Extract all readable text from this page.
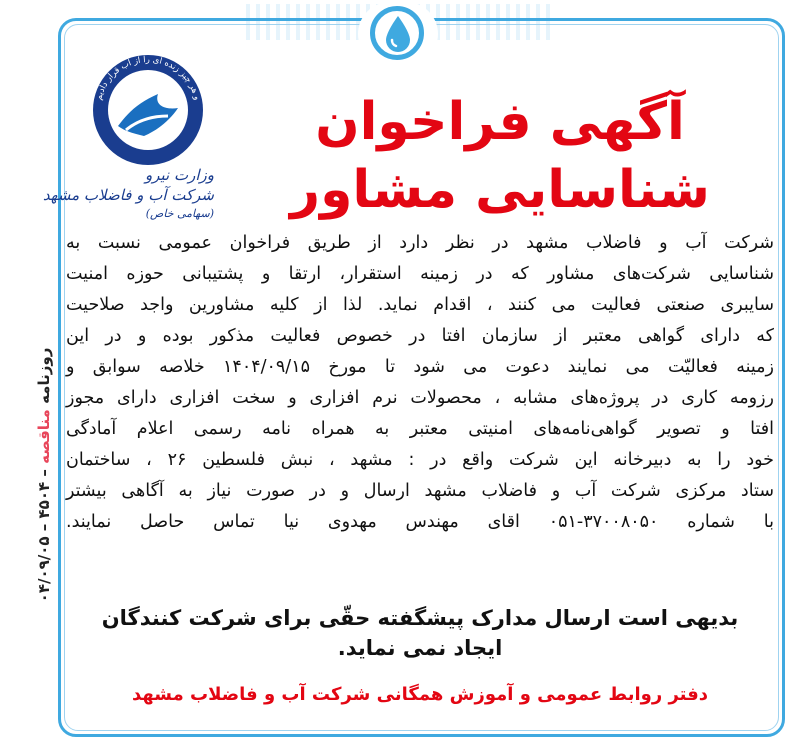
روزنامه مناقصه – ۴۵۰۴ – ۰۴/۰۹/۰۵
و هر چیز زنده ای را از آب قرار دادیم
وزارت نیرو
شرکت آب و فاضلاب مشهد
(سهامی خاص)
آگهی فراخوان
شناسایی مشاور
شرکت آب و فاضلاب مشهد در نظر دارد از طریق فراخوان عمومی نسبت به
شناسایی شرکت‌های مشاور که در زمینه استقرار، ارتقا و پشتیبانی حوزه امنیت
سایبری صنعتی فعالیت می کنند ، اقدام نماید. لذا از کلیه مشاورین واجد صلاحیت
که دارای گواهی معتبر از سازمان افتا در خصوص فعالیت مذکور بوده و در این
زمینه فعالیّت می نمایند دعوت می شود تا مورخ ۱۴۰۴/۰۹/۱۵ خلاصه سوابق و
رزومه کاری در پروژه‌های مشابه ، محصولات نرم افزاری و سخت افزاری دارای مجوز
افتا و تصویر گواهی‌نامه‌های امنیتی معتبر به همراه نامه رسمی اعلام آمادگی
خود را به دبیرخانه این شرکت واقع در : مشهد ، نبش فلسطین ۲۶ ، ساختمان
ستاد مرکزی شرکت آب و فاضلاب مشهد ارسال و در صورت نیاز به آگاهی بیشتر
با شماره ۳۷۰۰۸۰۵۰-۰۵۱ اقای مهندس مهدوی نیا تماس حاصل نمایند.
بدیهی است ارسال مدارک پیشگفته حقّی برای شرکت کنندگان
ایجاد نمی نماید.
دفتر روابط عمومی و آموزش همگانی شرکت آب و فاضلاب مشهد
